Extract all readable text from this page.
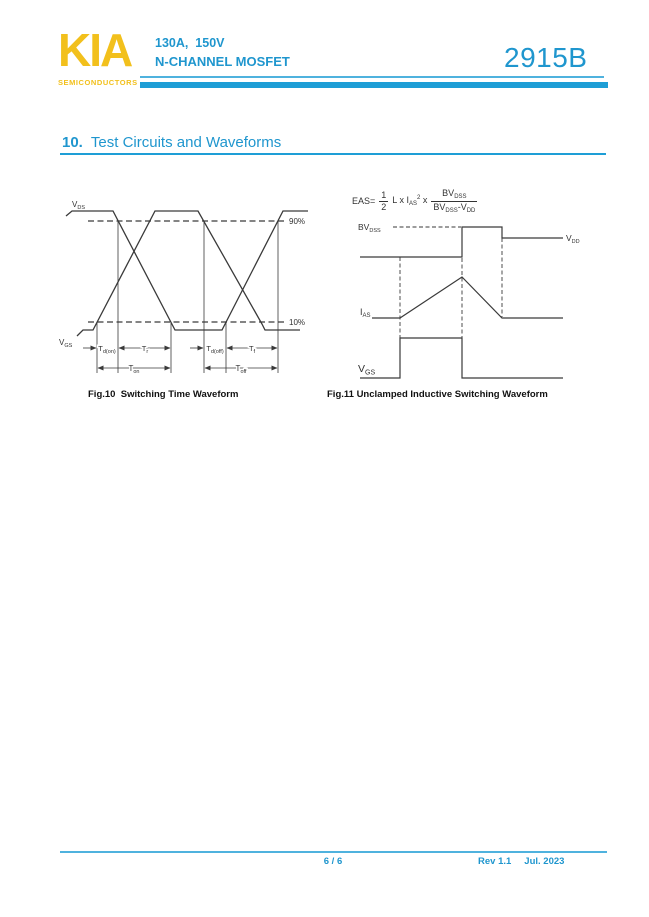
KIA
SEMICONDUCTORS
130A,  150V
N-CHANNEL MOSFET	2915B
10.  Test Circuits and Waveforms
$V_{DS}$
$V_{GS}$
90%
10%
$T_{d(on)}$	$T_r$	$T_{d(off)}$	$T_f$
$T_{on}$	$T_{off}$
$EAS= \frac{1}{2}$ L x $I_{AS}^2$ x $\frac{BV_{DSS}}{BV_{DSS}-V_{DD}}$
$BV_{DSS}$
$V_{DD}$
$I_{AS}$
$V_{GS}$
Fig.10  Switching Time Waveform	Fig.11 Unclamped Inductive Switching Waveform
6 / 6	Rev 1.1 Jul. 2023
